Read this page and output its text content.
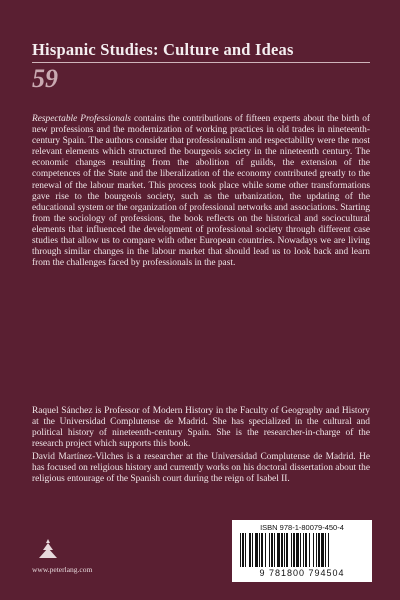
Hispanic Studies: Culture and Ideas
59

Respectable Professionals contains the contributions of fifteen experts about the birth of new professions and the modernization of working practices in old trades in nineteenth-century Spain. The authors consider that professionalism and respectability were the most relevant elements which structured the bourgeois society in the nineteenth century. The economic changes resulting from the abolition of guilds, the extension of the competences of the State and the liberalization of the economy contributed greatly to the renewal of the labour market. This process took place while some other transformations gave rise to the bourgeois society, such as the urbanization, the updating of the educational system or the organization of professional networks and associations. Starting from the sociology of professions, the book reflects on the historical and sociocultural elements that influenced the development of professional society through different case studies that allow us to compare with other European countries. Nowadays we are living through similar changes in the labour market that should lead us to look back and learn from the challenges faced by professionals in the past.

Raquel Sánchez is Professor of Modern History in the Faculty of Geography and History at the Universidad Complutense de Madrid. She has specialized in the cultural and political history of nineteenth-century Spain. She is the researcher-in-charge of the research project which supports this book.

David Martínez-Vilches is a researcher at the Universidad Complutense de Madrid. He has focused on religious history and currently works on his doctoral dissertation about the religious entourage of the Spanish court during the reign of Isabel II.

www.peterlang.com
ISBN 978-1-80079-450-4
9 781800 794504
